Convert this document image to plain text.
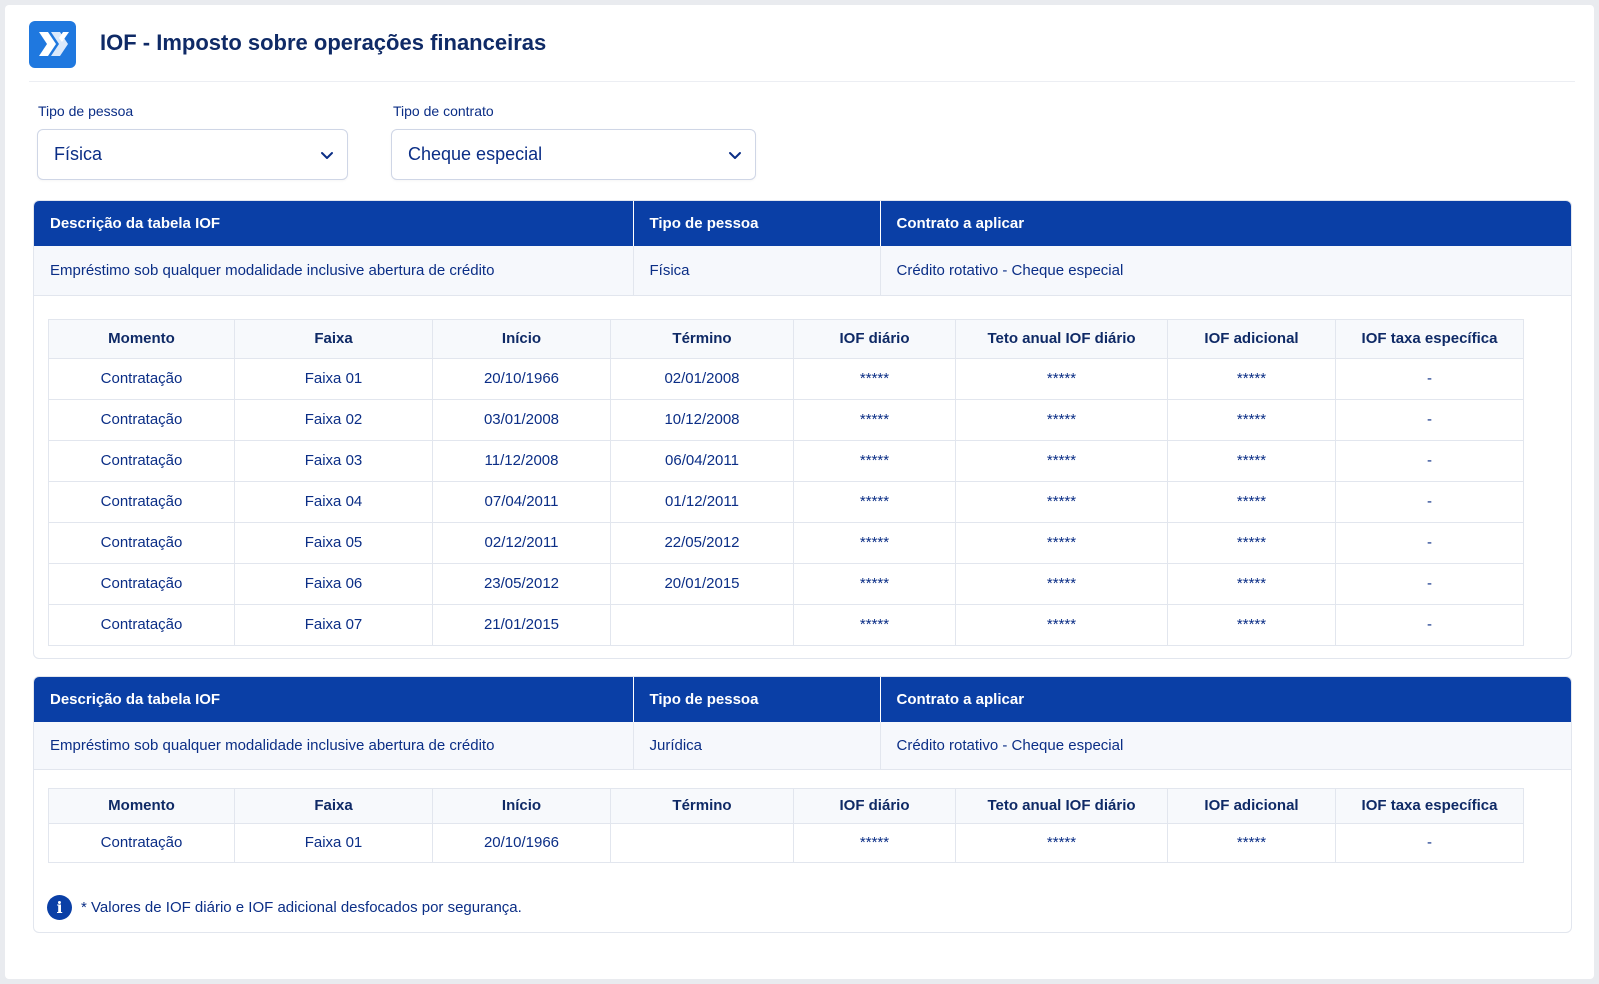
IOF - Imposto sobre operações financeiras
Tipo de pessoa
Física
Tipo de contrato
Cheque especial
Descrição da tabela IOF	Tipo de pessoa	Contrato a aplicar
Empréstimo sob qualquer modalidade inclusive abertura de crédito	Física	Crédito rotativo - Cheque especial
Momento	Faixa	Início	Término	IOF diário	Teto anual IOF diário	IOF adicional	IOF taxa específica
Contratação	Faixa 01	20/10/1966	02/01/2008	*****	*****	*****	-
Contratação	Faixa 02	03/01/2008	10/12/2008	*****	*****	*****	-
Contratação	Faixa 03	11/12/2008	06/04/2011	*****	*****	*****	-
Contratação	Faixa 04	07/04/2011	01/12/2011	*****	*****	*****	-
Contratação	Faixa 05	02/12/2011	22/05/2012	*****	*****	*****	-
Contratação	Faixa 06	23/05/2012	20/01/2015	*****	*****	*****	-
Contratação	Faixa 07	21/01/2015		*****	*****	*****	-
Descrição da tabela IOF	Tipo de pessoa	Contrato a aplicar
Empréstimo sob qualquer modalidade inclusive abertura de crédito	Jurídica	Crédito rotativo - Cheque especial
Momento	Faixa	Início	Término	IOF diário	Teto anual IOF diário	IOF adicional	IOF taxa específica
Contratação	Faixa 01	20/10/1966		*****	*****	*****	-
i	* Valores de IOF diário e IOF adicional desfocados por segurança.
